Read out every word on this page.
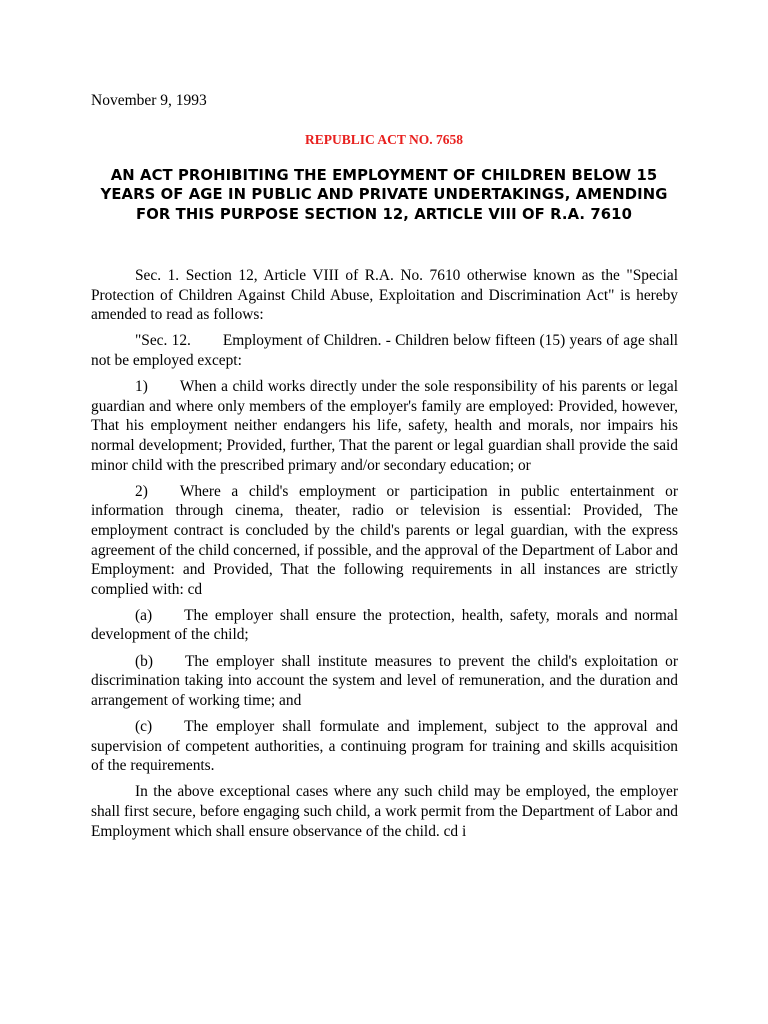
November 9, 1993
REPUBLIC ACT NO. 7658
AN ACT PROHIBITING THE EMPLOYMENT OF CHILDREN BELOW 15 YEARS OF AGE IN PUBLIC AND PRIVATE UNDERTAKINGS, AMENDING FOR THIS PURPOSE SECTION 12, ARTICLE VIII OF R.A. 7610

Sec. 1. Section 12, Article VIII of R.A. No. 7610 otherwise known as the "Special Protection of Children Against Child Abuse, Exploitation and Discrimination Act" is hereby amended to read as follows:

"Sec. 12. Employment of Children. - Children below fifteen (15) years of age shall not be employed except:

1) When a child works directly under the sole responsibility of his parents or legal guardian and where only members of the employer's family are employed: Provided, however, That his employment neither endangers his life, safety, health and morals, nor impairs his normal development; Provided, further, That the parent or legal guardian shall provide the said minor child with the prescribed primary and/or secondary education; or

2) Where a child's employment or participation in public entertainment or information through cinema, theater, radio or television is essential: Provided, The employment contract is concluded by the child's parents or legal guardian, with the express agreement of the child concerned, if possible, and the approval of the Department of Labor and Employment: and Provided, That the following requirements in all instances are strictly complied with: cd

(a) The employer shall ensure the protection, health, safety, morals and normal development of the child;

(b) The employer shall institute measures to prevent the child's exploitation or discrimination taking into account the system and level of remuneration, and the duration and arrangement of working time; and

(c) The employer shall formulate and implement, subject to the approval and supervision of competent authorities, a continuing program for training and skills acquisition of the requirements.

In the above exceptional cases where any such child may be employed, the employer shall first secure, before engaging such child, a work permit from the Department of Labor and Employment which shall ensure observance of the child. cd i
